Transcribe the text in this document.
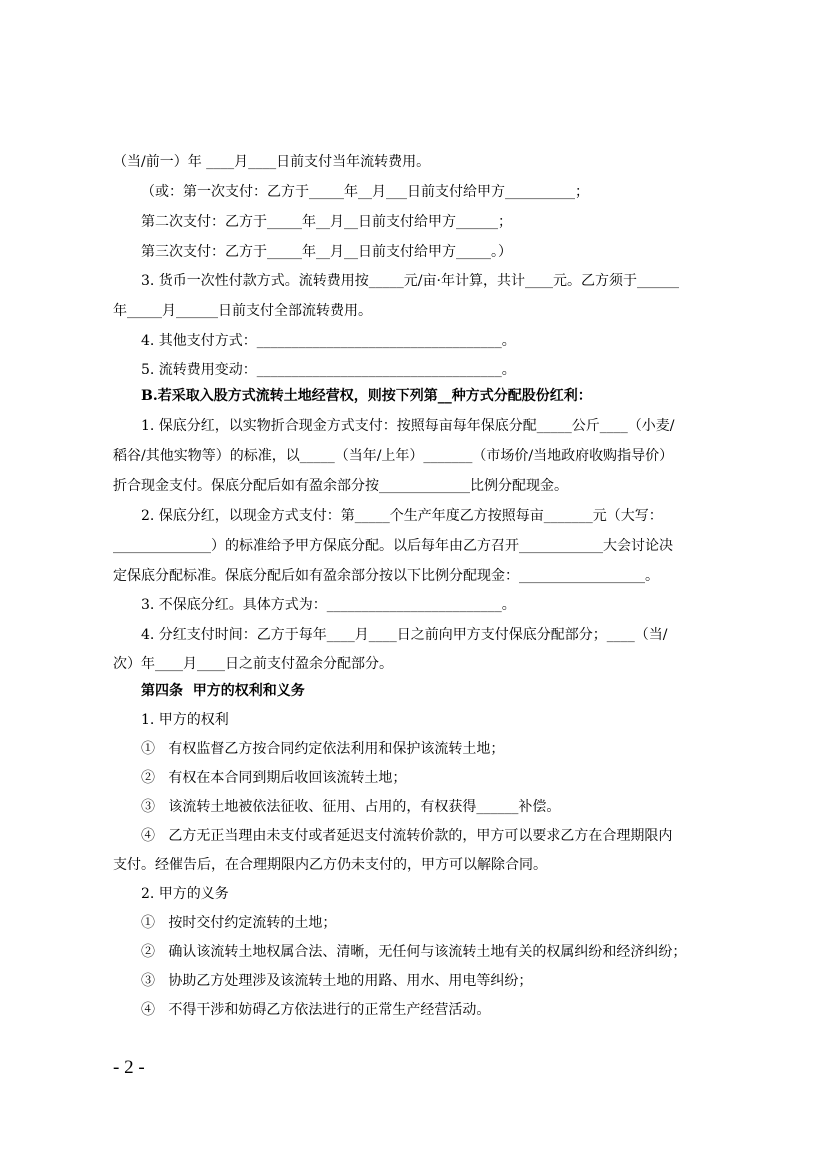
（当/前一）年 ____月____日前支付当年流转费用。
（或：第一次支付：乙方于_____年__月___日前支付给甲方__________；
第二次支付：乙方于_____年__月__日前支付给甲方______；
第三次支付：乙方于_____年__月__日前支付给甲方_____。）
3. 货币一次性付款方式。流转费用按_____元/亩·年计算，共计____元。乙方须于______
年_____月______日前支付全部流转费用。
4. 其他支付方式：___________________________________。
5. 流转费用变动：___________________________________。
B.若采取入股方式流转土地经营权，则按下列第__种方式分配股份红利：
1. 保底分红，以实物折合现金方式支付：按照每亩每年保底分配_____公斤____（小麦/
稻谷/其他实物等）的标准，以_____（当年/上年）_______（市场价/当地政府收购指导价）
折合现金支付。保底分配后如有盈余部分按_____________比例分配现金。
2. 保底分红，以现金方式支付：第_____个生产年度乙方按照每亩_______元（大写：
______________）的标准给予甲方保底分配。以后每年由乙方召开____________大会讨论决
定保底分配标准。保底分配后如有盈余部分按以下比例分配现金：__________________。
3. 不保底分红。具体方式为：_________________________。
4. 分红支付时间：乙方于每年____月____日之前向甲方支付保底分配部分；____（当/
次）年____月____日之前支付盈余分配部分。
第四条  甲方的权利和义务
1. 甲方的权利
①   有权监督乙方按合同约定依法利用和保护该流转土地；
②   有权在本合同到期后收回该流转土地；
③   该流转土地被依法征收、征用、占用的，有权获得______补偿。
④   乙方无正当理由未支付或者延迟支付流转价款的，甲方可以要求乙方在合理期限内
支付。经催告后，在合理期限内乙方仍未支付的，甲方可以解除合同。
2. 甲方的义务
①   按时交付约定流转的土地；
②   确认该流转土地权属合法、清晰，无任何与该流转土地有关的权属纠纷和经济纠纷；
③   协助乙方处理涉及该流转土地的用路、用水、用电等纠纷；
④   不得干涉和妨碍乙方依法进行的正常生产经营活动。
- 2 -
